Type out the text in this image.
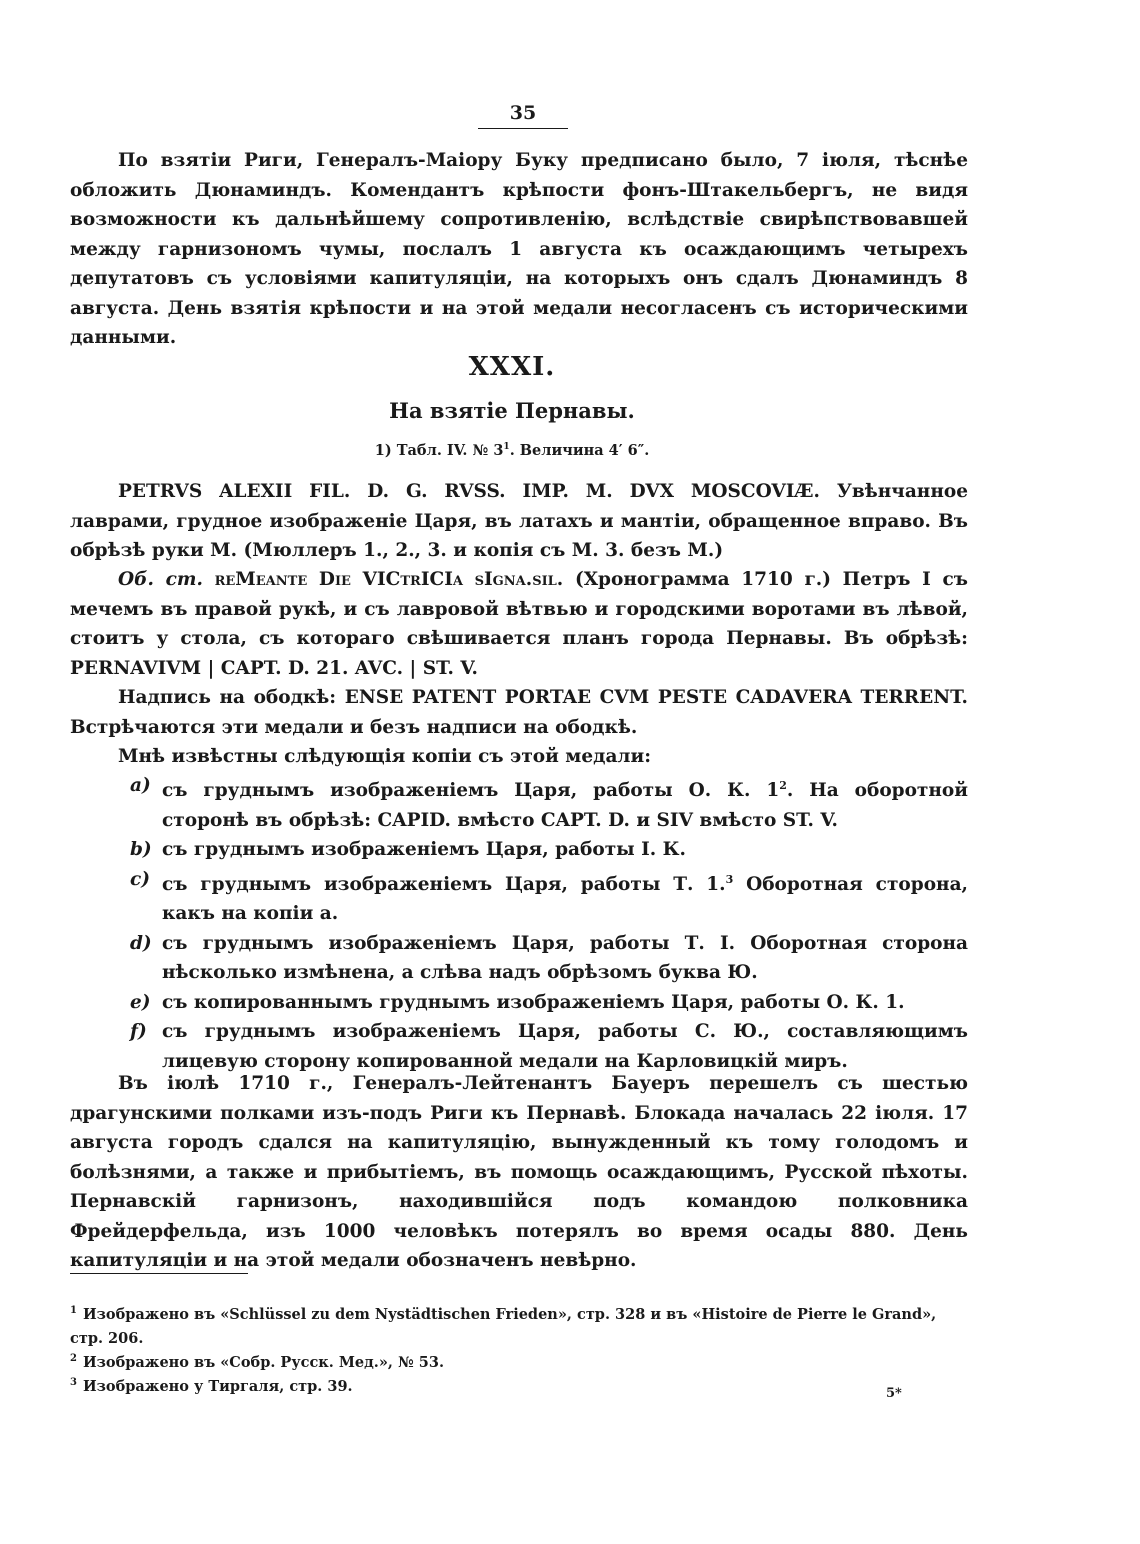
35

По взятіи Риги, Генералъ-Маіору Буку предписано было, 7 іюля, тѣснѣе обложить Дюнаминдъ. Комендантъ крѣпости фонъ-Штакельбергъ, не видя возможности къ дальнѣйшему сопротивленію, вслѣдствіе свирѣпствовавшей между гарнизономъ чумы, послалъ 1 августа къ осаждающимъ четырехъ депутатовъ съ условіями капитуляціи, на которыхъ онъ сдалъ Дюнаминдъ 8 августа. День взятія крѣпости и на этой медали несогласенъ съ историческими данными.

XXXI.
На взятіе Пернавы.
1) Табл. IV. № $3^1$. Величина 4′ 6″.

PETRVS ALEXII FIL. D. G. RVSS. IMP. M. DVX MOSCOVIÆ. Увѣнчанное лаврами, грудное изображеніе Царя, въ латахъ и мантіи, обращенное вправо. Въ обрѣзѣ руки М. (Мюллеръ 1., 2., 3. и копія съ М. 3. безъ М.)

Об. ст. reMeante Die VICtrICIa sIgna.sil. (Хронограмма 1710 г.) Петръ I съ мечемъ въ правой рукѣ, и съ лавровой вѣтвью и городскими воротами въ лѣвой, стоитъ у стола, съ котораго свѣшивается планъ города Пернавы. Въ обрѣзѣ: PERNAVIVM | CAPT. D. 21. AVC. | ST. V.

Надпись на ободкѣ: ENSE PATENT PORTAE CVM PESTE CADAVERA TERRENT. Встрѣчаются эти медали и безъ надписи на ободкѣ.

Мнѣ извѣстны слѣдующія копіи съ этой медали:

a) съ груднымъ изображеніемъ Царя, работы О. К. $1^2$. На оборотной сторонѣ въ обрѣзѣ: CAPID. вмѣсто CAPT. D. и SIV вмѣсто ST. V.
b) съ груднымъ изображеніемъ Царя, работы І. К.
c) съ груднымъ изображеніемъ Царя, работы Т. 1.$^3$ Оборотная сторона, какъ на копіи а.
d) съ груднымъ изображеніемъ Царя, работы Т. І. Оборотная сторона нѣсколько измѣнена, а слѣва надъ обрѣзомъ буква Ю.
e) съ копированнымъ груднымъ изображеніемъ Царя, работы О. К. 1.
f) съ груднымъ изображеніемъ Царя, работы С. Ю., составляющимъ лицевую сторону копированной медали на Карловицкій миръ.

Въ іюлѣ 1710 г., Генералъ-Лейтенантъ Бауеръ перешелъ съ шестью драгунскими полками изъ-подъ Риги къ Пернавѣ. Блокада началась 22 іюля. 17 августа городъ сдался на капитуляцію, вынужденный къ тому голодомъ и болѣзнями, а также и прибытіемъ, въ помощь осаждающимъ, Русской пѣхоты. Пернавскій гарнизонъ, находившійся подъ командою полковника Фрейдерфельда, изъ 1000 человѣкъ потерялъ во время осады 880. День капитуляціи и на этой медали обозначенъ невѣрно.

$^1$ Изображено въ «Schlüssel zu dem Nystädtischen Frieden», стр. 328 и въ «Histoire de Pierre le Grand», стр. 206.
$^2$ Изображено въ «Собр. Русск. Мед.», № 53.
$^3$ Изображено у Тиргаля, стр. 39.	5*
